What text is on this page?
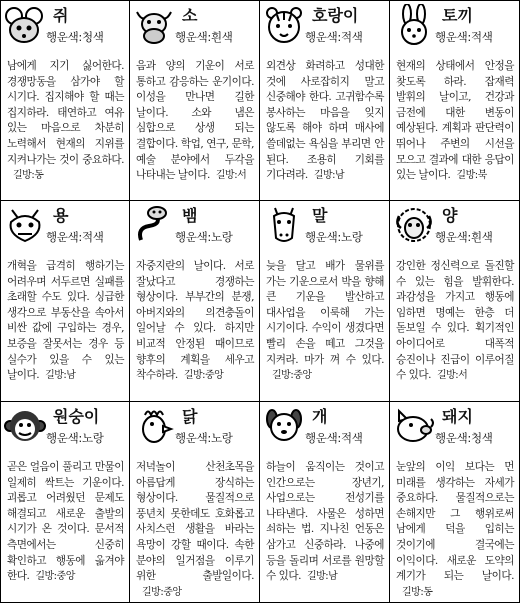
쥐
행운색:청색
남에게 지기 싫어한다. 경쟁망동을 삼가야 할 시기다. 집지해야 할 때는 집지하라. 태연하고 여유 있는 마음으로 차분히 노력해서 현재의 지위를 지켜나가는 것이 중요하다.길방:동
소
행운색:흰색
음과 양의 기운이 서로 통하고 감응하는 운기이다. 이성을 만나면 길한 날이다. 소와 냄은 심합으로 상생 되는 결합이다. 학업, 연구, 문학, 예술 분야에서 두각을 나타내는 날이다. 길방:서
호랑이
행운색:적색
외견상 화려하고 성대한 것에 사로잡히지 말고 신중해야 한다. 고귀함수록 봉사하는 마음을 잊지 않도록 해야 하며 매사에 쓸데없는 욕심을 부리면 안 된다. 조용히 기회를 기다려라. 길방:남
토끼
행운색:적색
현재의 상태에서 안정을 찾도록 하라. 잡재력 발휘의 날이고, 건강과 금전에 대한 변동이 예상된다. 계획과 판단력이 뛰어나 주변의 시선을 모으고 결과에 대한 응답이 있는 날이다. 길방:북
용
행운색:적색
개혁을 급격히 행하기는 어려우며 서두르면 실패를 초래할 수도 있다. 싱급한 생각으로 부동산을 속아서 비싼 값에 구입하는 경우, 보증을 잘못서는 경우 등 실수가 있을 수 있는 날이다. 길방:남
뱀
행운색:노랑
자중지란의 날이다. 서로 잘났다고 경쟁하는 형상이다. 부부간의 분쟁, 아버지와의 의견충돌이 일어날 수 있다. 하지만 비교적 안정된 때이므로 향후의 계획을 세우고 착수하라. 길방:중앙
말
행운색:노랑
늦을 달고 배가 물위를 가는 기운으로서 박을 향해 큰 기운을 발산하고 대사업을 이룩해 가는 시기이다. 수익이 생겼다면 빨리 손을 떼고 그것을 지켜라. 마가 껴 수 있다.길방:중앙
양
행운색:흰색
강인한 정신력으로 돌진할 수 있는 힘을 발휘한다. 과감성을 가지고 행동에 임하면 명예는 한층 더 돋보일 수 있다. 획기적인 아이디어로 대폭적 승진이나 진급이 이루어질 수 있다. 길방:서
원숭이
행운색:노랑
곧은 얼음이 풀리고 만물이 일제히 싹트는 기운이다. 괴롭고 어려웠던 문제도 해결되고 새로운 출발의 시기가 온 것이다. 문서적 측면에서는 신중히 확인하고 행동에 옮겨야 한다. 길방:중앙
닭
행운색:노랑
저녁놀이 산천초목을 아름답게 장식하는 형상이다. 물질적으로 풍년치 못한데도 호화롭고 사치스런 생활을 바라는 욕망이 강할 때이다. 속한 분야의 일거점을 이루기 위한 출발일이다.길방:중앙
개
행운색:적색
하늘이 움직이는 것이고 인간으로는 장년기, 사업으로는 전성기를 나타낸다. 사물은 성하면 쇠하는 법. 지나친 언동은 삼가고 신중하라. 나중에 등을 돌리며 서로를 원망할 수 있다. 길방:남
돼지
행운색:청색
눈앞의 이익 보다는 먼 미래를 생각하는 자세가 중요하다. 물질적으로는 손해지만 그 행위로써 남에게 덕을 입히는 것이기에 결국에는 이익이다. 새로운 도약의 계기가 되는 날이다.길방:동
